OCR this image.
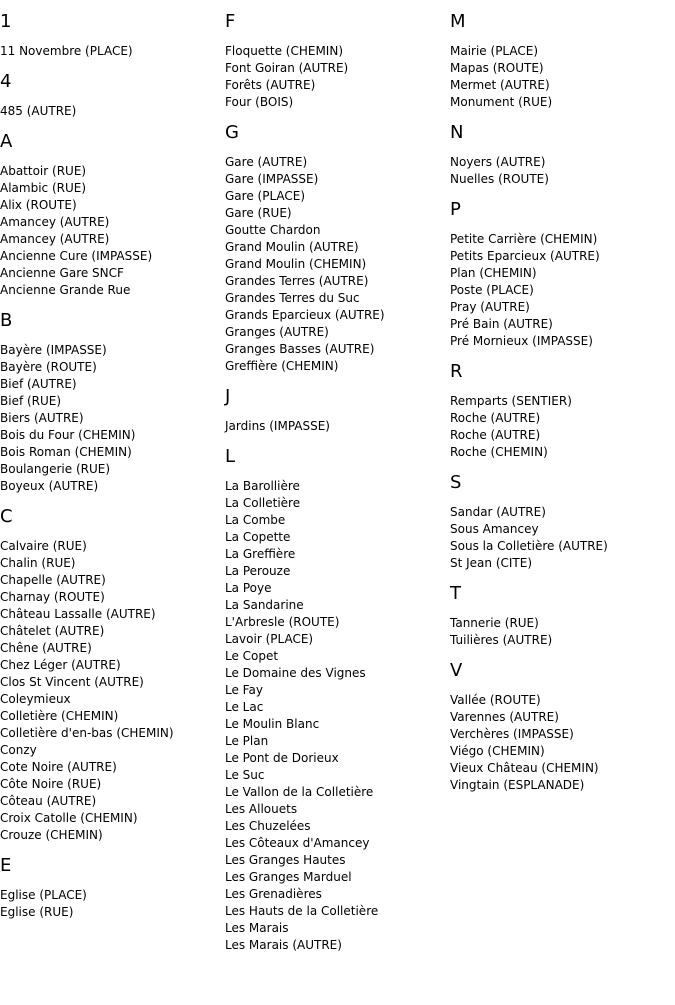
1
11 Novembre (PLACE)
4
485 (AUTRE)
A
Abattoir (RUE)
Alambic (RUE)
Alix (ROUTE)
Amancey (AUTRE)
Amancey (AUTRE)
Ancienne Cure (IMPASSE)
Ancienne Gare SNCF
Ancienne Grande Rue
B
Bayère (IMPASSE)
Bayère (ROUTE)
Bief (AUTRE)
Bief (RUE)
Biers (AUTRE)
Bois du Four (CHEMIN)
Bois Roman (CHEMIN)
Boulangerie (RUE)
Boyeux (AUTRE)
C
Calvaire (RUE)
Chalin (RUE)
Chapelle (AUTRE)
Charnay (ROUTE)
Château Lassalle (AUTRE)
Châtelet (AUTRE)
Chêne (AUTRE)
Chez Léger (AUTRE)
Clos St Vincent (AUTRE)
Coleymieux
Colletière (CHEMIN)
Colletière d'en-bas (CHEMIN)
Conzy
Cote Noire (AUTRE)
Côte Noire (RUE)
Côteau (AUTRE)
Croix Catolle (CHEMIN)
Crouze (CHEMIN)
E
Eglise (PLACE)
Eglise (RUE)
F
Floquette (CHEMIN)
Font Goiran (AUTRE)
Forêts (AUTRE)
Four (BOIS)
G
Gare (AUTRE)
Gare (IMPASSE)
Gare (PLACE)
Gare (RUE)
Goutte Chardon
Grand Moulin (AUTRE)
Grand Moulin (CHEMIN)
Grandes Terres (AUTRE)
Grandes Terres du Suc
Grands Eparcieux (AUTRE)
Granges (AUTRE)
Granges Basses (AUTRE)
Greffière (CHEMIN)
J
Jardins (IMPASSE)
L
La Barollière
La Colletière
La Combe
La Copette
La Greffière
La Perouze
La Poye
La Sandarine
L'Arbresle (ROUTE)
Lavoir (PLACE)
Le Copet
Le Domaine des Vignes
Le Fay
Le Lac
Le Moulin Blanc
Le Plan
Le Pont de Dorieux
Le Suc
Le Vallon de la Colletière
Les Allouets
Les Chuzelées
Les Côteaux d'Amancey
Les Granges Hautes
Les Granges Marduel
Les Grenadières
Les Hauts de la Colletière
Les Marais
Les Marais (AUTRE)
M
Mairie (PLACE)
Mapas (ROUTE)
Mermet (AUTRE)
Monument (RUE)
N
Noyers (AUTRE)
Nuelles (ROUTE)
P
Petite Carrière (CHEMIN)
Petits Eparcieux (AUTRE)
Plan (CHEMIN)
Poste (PLACE)
Pray (AUTRE)
Pré Bain (AUTRE)
Pré Mornieux (IMPASSE)
R
Remparts (SENTIER)
Roche (AUTRE)
Roche (AUTRE)
Roche (CHEMIN)
S
Sandar (AUTRE)
Sous Amancey
Sous la Colletière (AUTRE)
St Jean (CITE)
T
Tannerie (RUE)
Tuilières (AUTRE)
V
Vallée (ROUTE)
Varennes (AUTRE)
Verchères (IMPASSE)
Viégo (CHEMIN)
Vieux Château (CHEMIN)
Vingtain (ESPLANADE)
